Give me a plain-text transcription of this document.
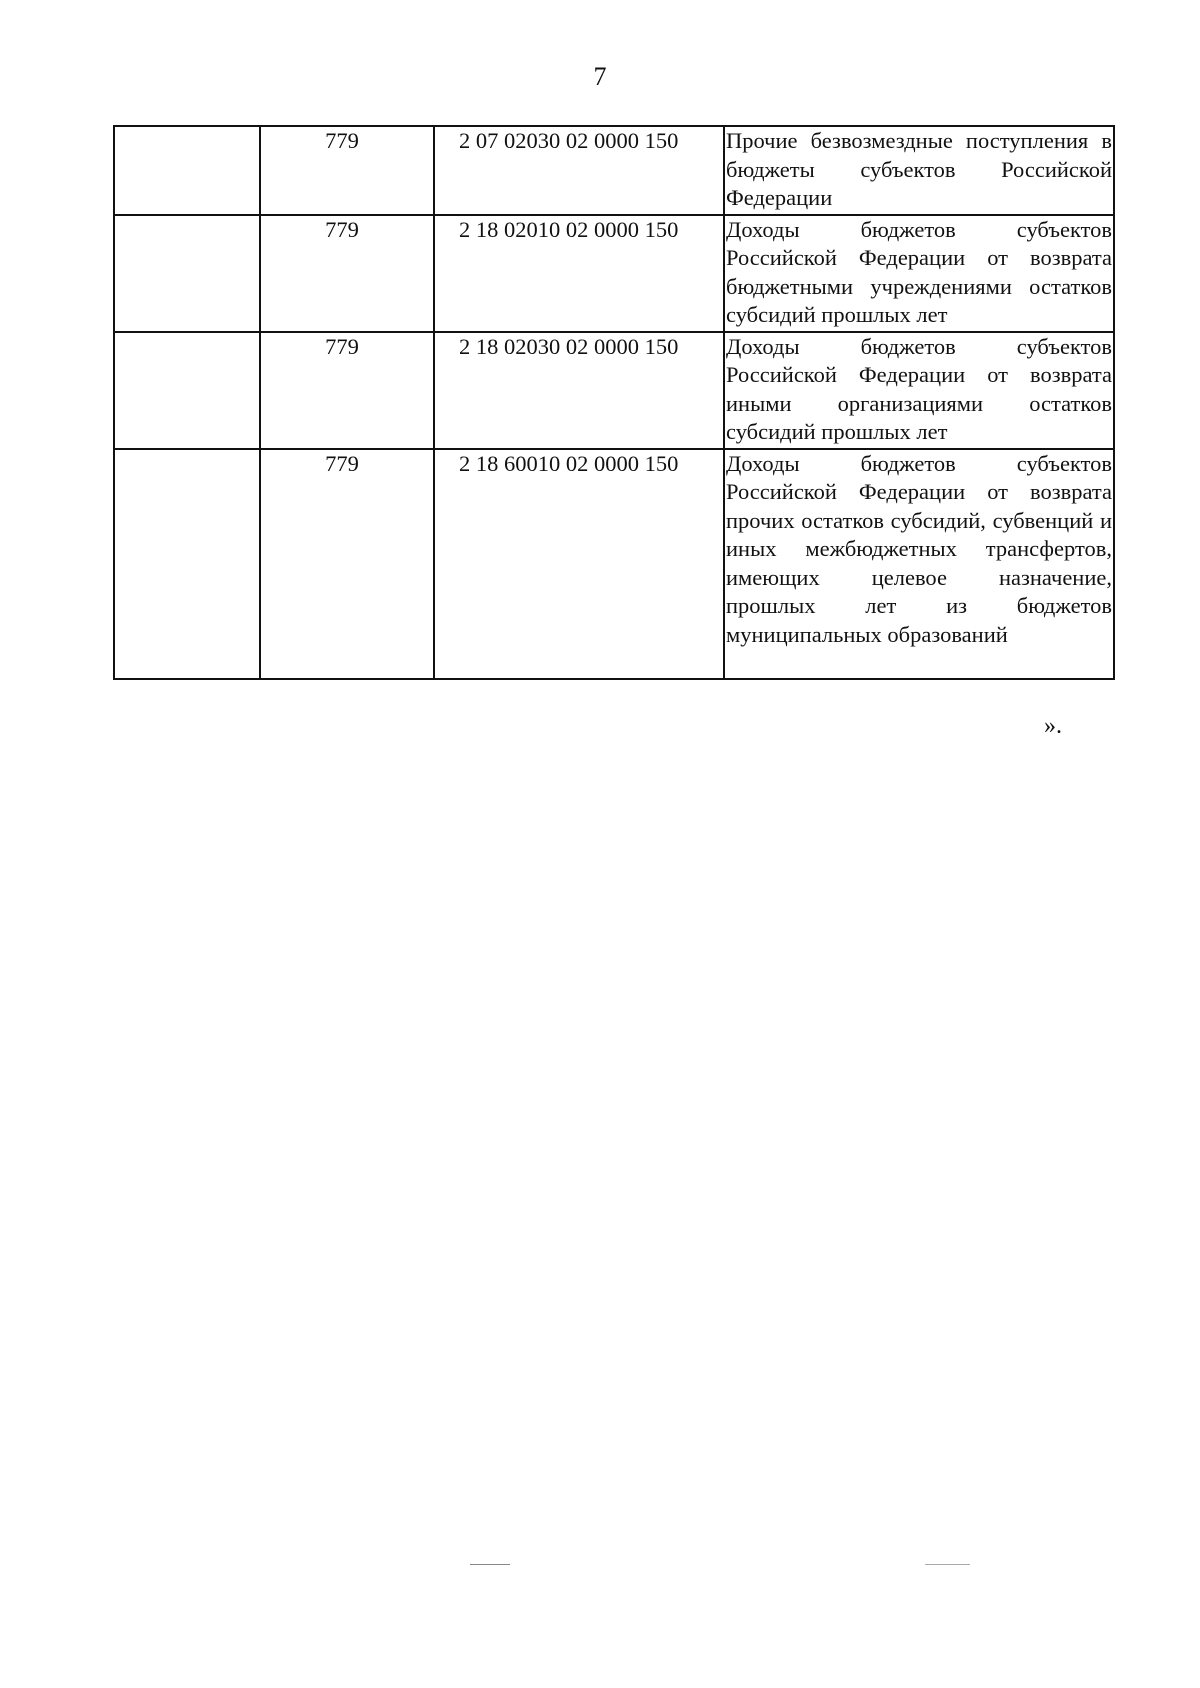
7
	779	2 07 02030 02 0000 150	Прочие безвозмездные поступления в бюджеты субъектов Российской Федерации
	779	2 18 02010 02 0000 150	Доходы бюджетов субъектов Российской Федерации от возврата бюджетными учреждениями остатков субсидий прошлых лет
	779	2 18 02030 02 0000 150	Доходы бюджетов субъектов Российской Федерации от возврата иными организациями остатков субсидий прошлых лет
	779	2 18 60010 02 0000 150	Доходы бюджетов субъектов Российской Федерации от возврата прочих остатков субсидий, субвенций и иных межбюджетных трансфертов, имеющих целевое назначение, прошлых лет из бюджетов муниципальных образований
».
